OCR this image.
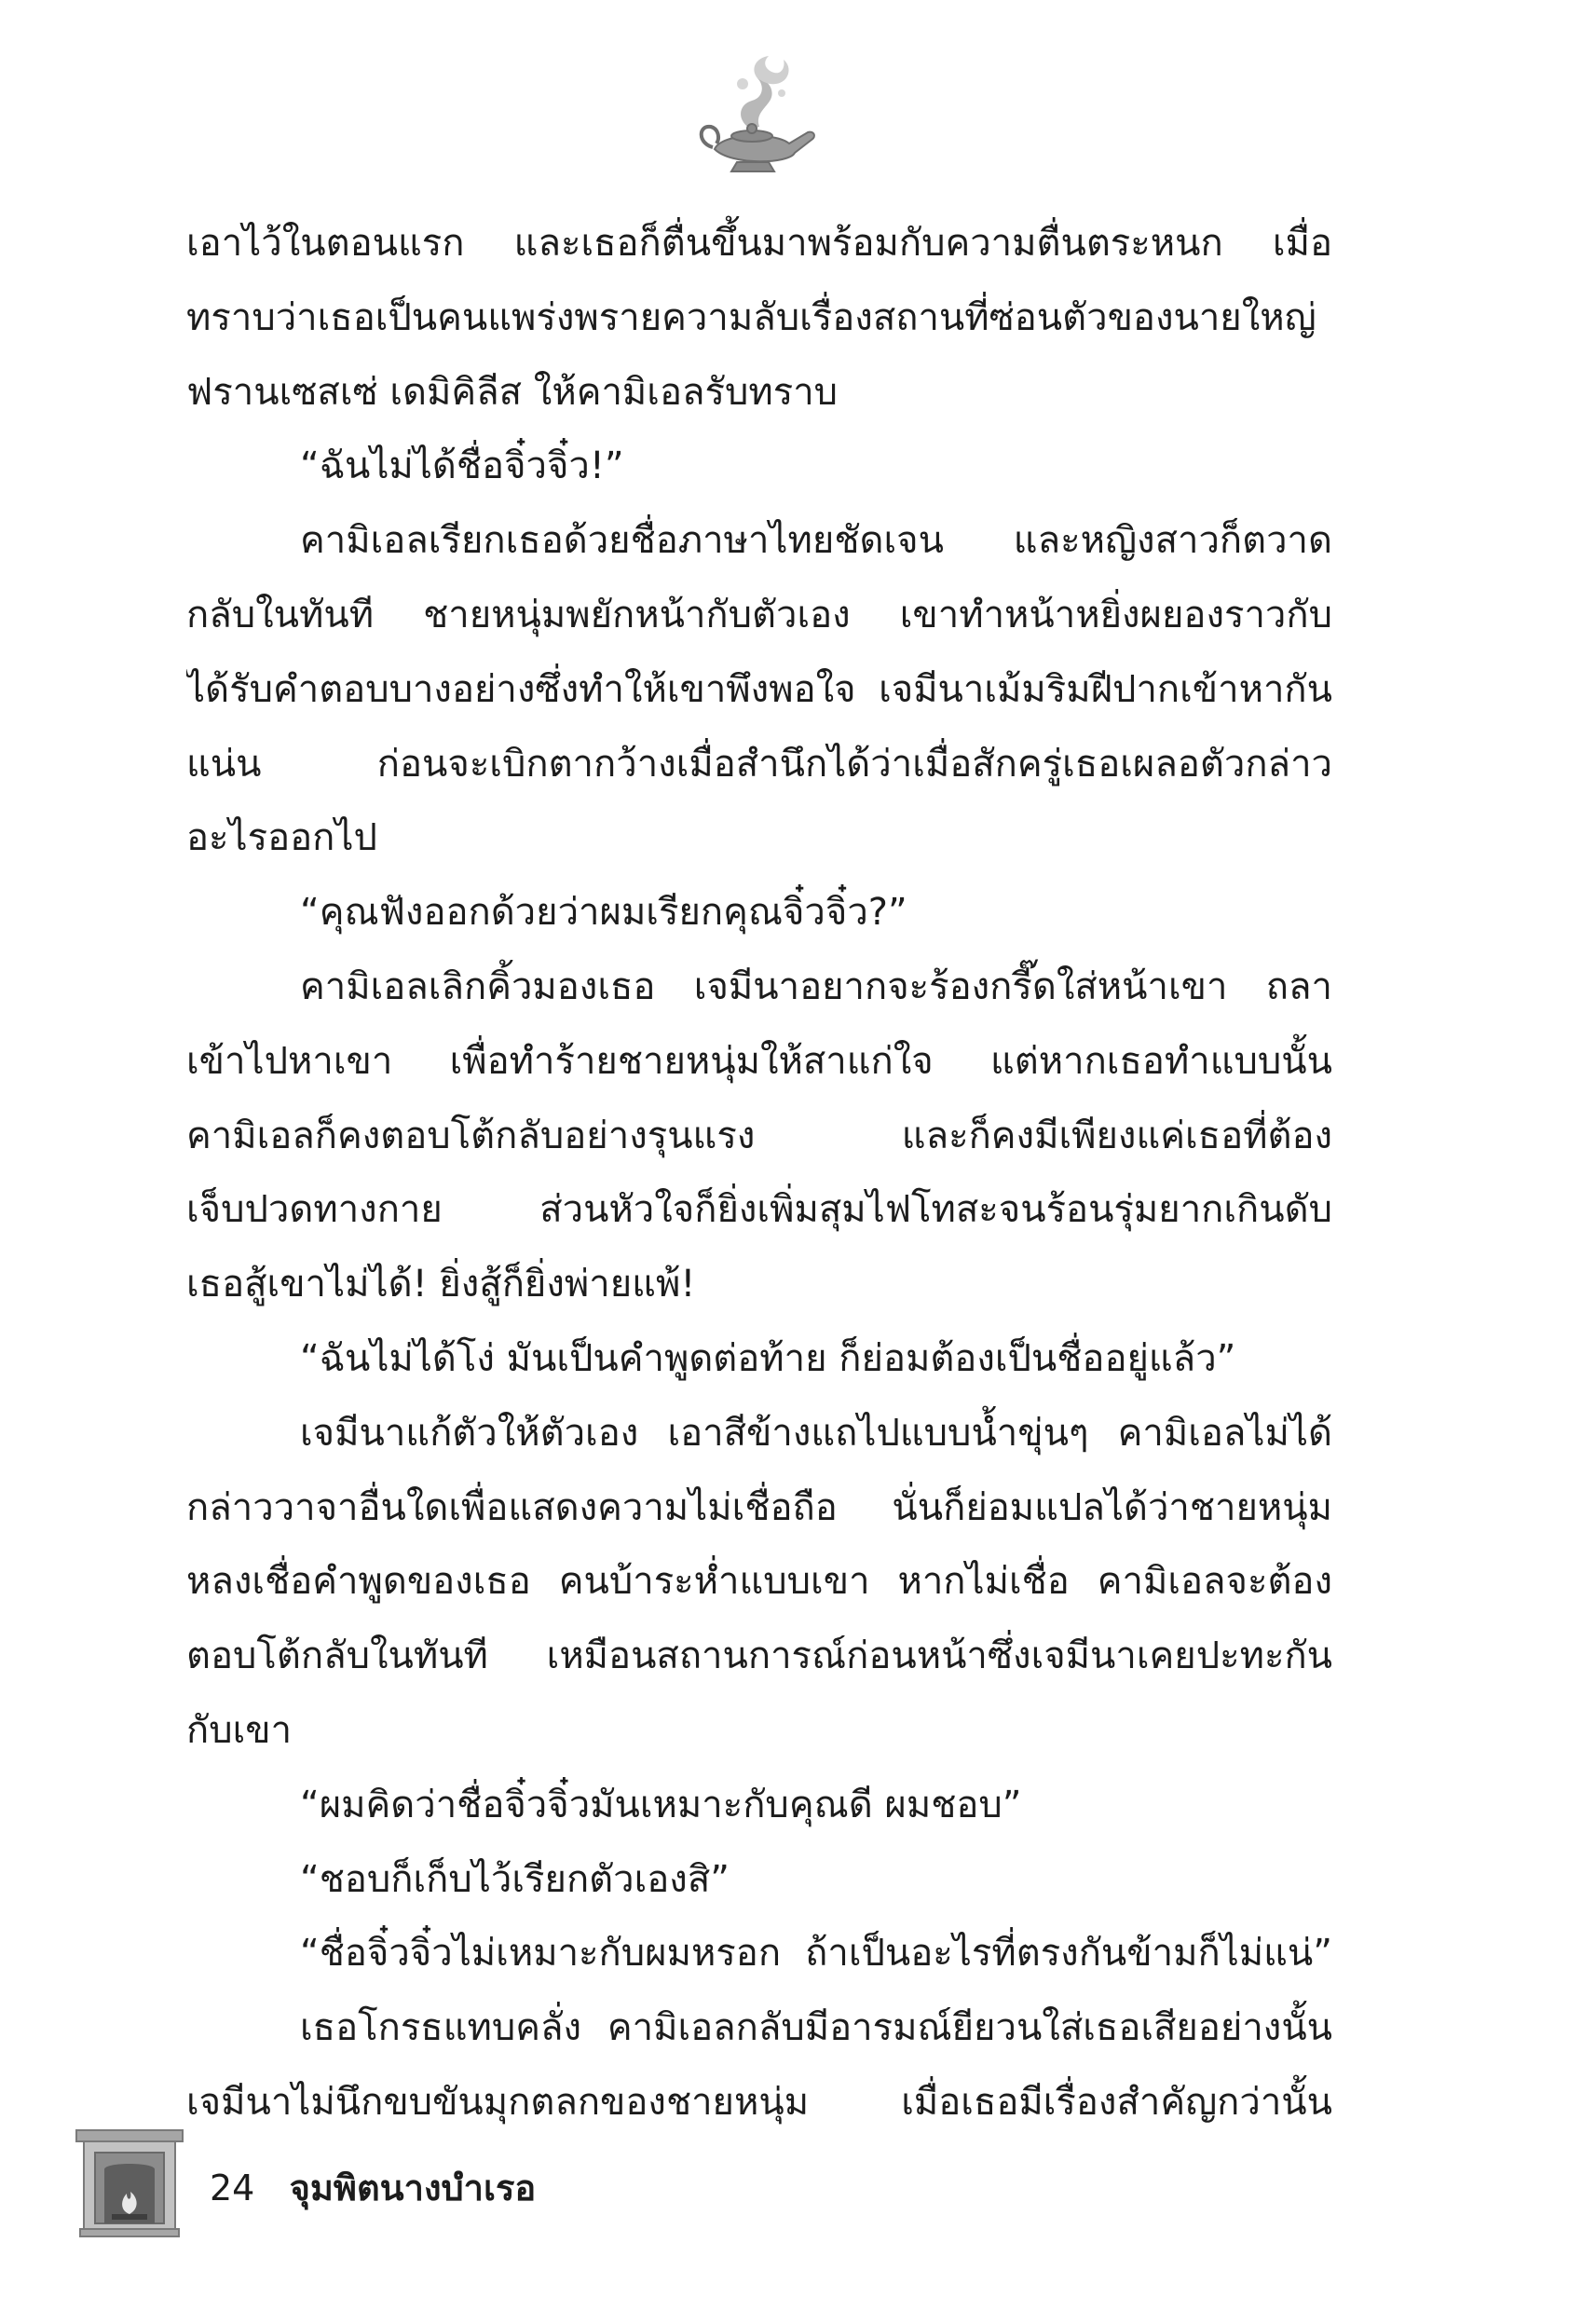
เอาไว้ในตอนแรก และเธอก็ตื่นขึ้นมาพร้อมกับความตื่นตระหนก เมื่อ
ทราบว่าเธอเป็นคนแพร่งพรายความลับเรื่องสถานที่ซ่อนตัวของนายใหญ่
ฟรานเซสเซ่ เดมิคิลีส ให้คามิเอลรับทราบ
“ฉันไม่ได้ชื่อจิ๋วจิ๋ว!”
คามิเอลเรียกเธอด้วยชื่อภาษาไทยชัดเจน และหญิงสาวก็ตวาด
กลับในทันที ชายหนุ่มพยักหน้ากับตัวเอง เขาทำหน้าหยิ่งผยองราวกับ
ได้รับคำตอบบางอย่างซึ่งทำให้เขาพึงพอใจ เจมีนาเม้มริมฝีปากเข้าหากัน
แน่น ก่อนจะเบิกตากว้างเมื่อสำนึกได้ว่าเมื่อสักครู่เธอเผลอตัวกล่าว
อะไรออกไป
“คุณฟังออกด้วยว่าผมเรียกคุณจิ๋วจิ๋ว?”
คามิเอลเลิกคิ้วมองเธอ เจมีนาอยากจะร้องกรี๊ดใส่หน้าเขา ถลา
เข้าไปหาเขา เพื่อทำร้ายชายหนุ่มให้สาแก่ใจ แต่หากเธอทำแบบนั้น
คามิเอลก็คงตอบโต้กลับอย่างรุนแรง และก็คงมีเพียงแค่เธอที่ต้อง
เจ็บปวดทางกาย ส่วนหัวใจก็ยิ่งเพิ่มสุมไฟโทสะจนร้อนรุ่มยากเกินดับ
เธอสู้เขาไม่ได้! ยิ่งสู้ก็ยิ่งพ่ายแพ้!
“ฉันไม่ได้โง่ มันเป็นคำพูดต่อท้าย ก็ย่อมต้องเป็นชื่ออยู่แล้ว”
เจมีนาแก้ตัวให้ตัวเอง เอาสีข้างแถไปแบบน้ำขุ่นๆ คามิเอลไม่ได้
กล่าววาจาอื่นใดเพื่อแสดงความไม่เชื่อถือ นั่นก็ย่อมแปลได้ว่าชายหนุ่ม
หลงเชื่อคำพูดของเธอ คนบ้าระห่ำแบบเขา หากไม่เชื่อ คามิเอลจะต้อง
ตอบโต้กลับในทันที เหมือนสถานการณ์ก่อนหน้าซึ่งเจมีนาเคยปะทะกัน
กับเขา
“ผมคิดว่าชื่อจิ๋วจิ๋วมันเหมาะกับคุณดี ผมชอบ”
“ชอบก็เก็บไว้เรียกตัวเองสิ”
“ชื่อจิ๋วจิ๋วไม่เหมาะกับผมหรอก ถ้าเป็นอะไรที่ตรงกันข้ามก็ไม่แน่”
เธอโกรธแทบคลั่ง คามิเอลกลับมีอารมณ์ยียวนใส่เธอเสียอย่างนั้น
เจมีนาไม่นึกขบขันมุกตลกของชายหนุ่ม เมื่อเธอมีเรื่องสำคัญกว่านั้น
24 จุมพิตนางบำเรอ
